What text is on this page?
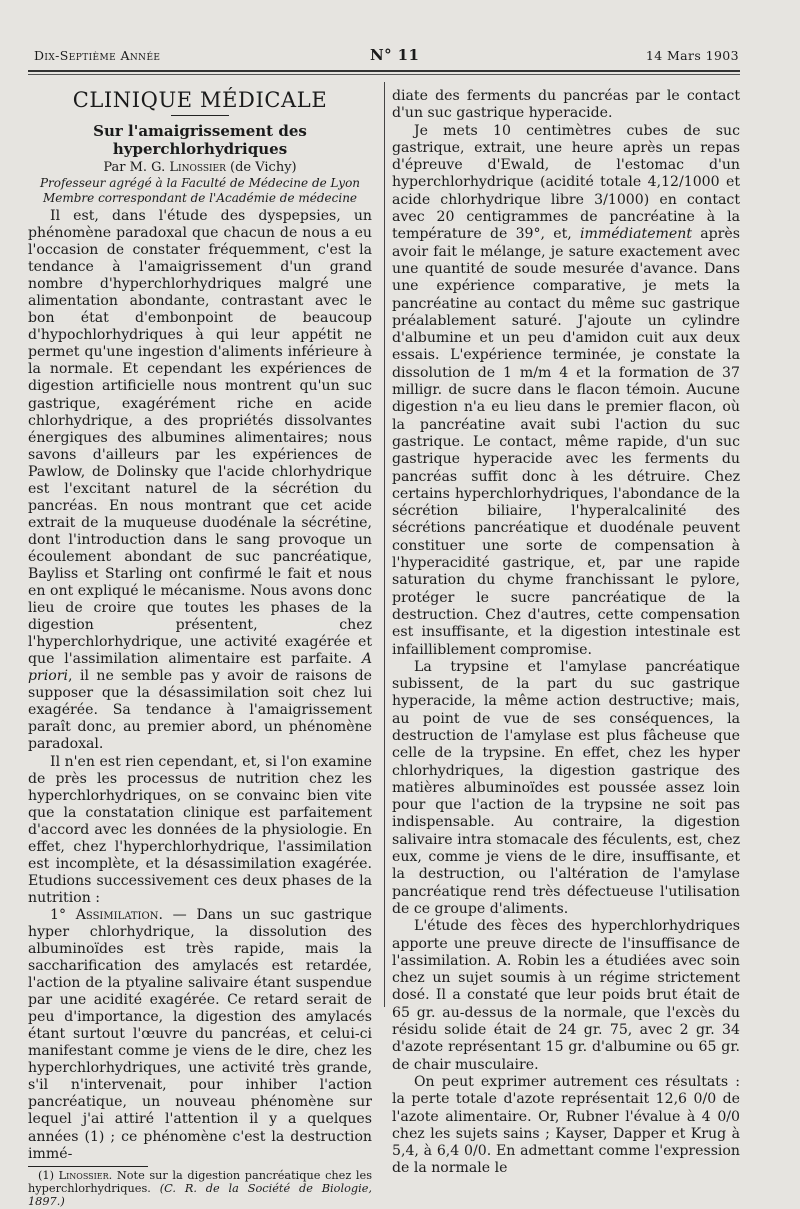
Dix-Septième Année	N° 11	14 Mars 1903
CLINIQUE MÉDICALE
Sur l'amaigrissement des hyperchlorhydriques
Par M. G. Linossier (de Vichy)
Professeur agrégé à la Faculté de Médecine de Lyon
Membre correspondant de l'Académie de médecine

Il est, dans l'étude des dyspepsies, un phénomène paradoxal que chacun de nous a eu l'occasion de constater fréquemment, c'est la tendance à l'amaigrissement d'un grand nombre d'hyperchlorhydriques malgré une alimentation abondante, contrastant avec le bon état d'embonpoint de beaucoup d'hypochlorhydriques à qui leur appétit ne permet qu'une ingestion d'aliments inférieure à la normale. Et cependant les expériences de digestion artificielle nous montrent qu'un suc gastrique, exagérément riche en acide chlorhydrique, a des propriétés dissolvantes énergiques des albumines alimentaires; nous savons d'ailleurs par les expériences de Pawlow, de Dolinsky que l'acide chlorhydrique est l'excitant naturel de la sécrétion du pancréas. En nous montrant que cet acide extrait de la muqueuse duodénale la sécrétine, dont l'introduction dans le sang provoque un écoulement abondant de suc pancréatique, Bayliss et Starling ont confirmé le fait et nous en ont expliqué le mécanisme. Nous avons donc lieu de croire que toutes les phases de la digestion présentent, chez l'hyperchlorhydrique, une activité exagérée et que l'assimilation alimentaire est parfaite. A priori, il ne semble pas y avoir de raisons de supposer que la désassimilation soit chez lui exagérée. Sa tendance à l'amaigrissement paraît donc, au premier abord, un phénomène paradoxal.

Il n'en est rien cependant, et, si l'on examine de près les processus de nutrition chez les hyperchlorhydriques, on se convainc bien vite que la constatation clinique est parfaitement d'accord avec les données de la physiologie. En effet, chez l'hyperchlorhydrique, l'assimilation est incomplète, et la désassimilation exagérée. Etudions successivement ces deux phases de la nutrition :

1° Assimilation. — Dans un suc gastrique hyper chlorhydrique, la dissolution des albuminoïdes est très rapide, mais la saccharification des amylacés est retardée, l'action de la ptyaline salivaire étant suspendue par une acidité exagérée. Ce retard serait de peu d'importance, la digestion des amylacés étant surtout l'œuvre du pancréas, et celui-ci manifestant comme je viens de le dire, chez les hyperchlorhydriques, une activité très grande, s'il n'intervenait, pour inhiber l'action pancréatique, un nouveau phénomène sur lequel j'ai attiré l'attention il y a quelques années (1) ; ce phénomène c'est la destruction immé-

(1) Linossier. Note sur la digestion pancréatique chez les hyperchlorhydriques. (C. R. de la Société de Biologie, 1897.)

diate des ferments du pancréas par le contact d'un suc gastrique hyperacide.

Je mets 10 centimètres cubes de suc gastrique, extrait, une heure après un repas d'épreuve d'Ewald, de l'estomac d'un hyperchlorhydrique (acidité totale 4,12/1000 et acide chlorhydrique libre 3/1000) en contact avec 20 centigrammes de pancréatine à la température de 39°, et, immédiatement après avoir fait le mélange, je sature exactement avec une quantité de soude mesurée d'avance. Dans une expérience comparative, je mets la pancréatine au contact du même suc gastrique préalablement saturé. J'ajoute un cylindre d'albumine et un peu d'amidon cuit aux deux essais. L'expérience terminée, je constate la dissolution de 1 m/m 4 et la formation de 37 milligr. de sucre dans le flacon témoin. Aucune digestion n'a eu lieu dans le premier flacon, où la pancréatine avait subi l'action du suc gastrique. Le contact, même rapide, d'un suc gastrique hyperacide avec les ferments du pancréas suffit donc à les détruire. Chez certains hyperchlorhydriques, l'abondance de la sécrétion biliaire, l'hyperalcalinité des sécrétions pancréatique et duodénale peuvent constituer une sorte de compensation à l'hyperacidité gastrique, et, par une rapide saturation du chyme franchissant le pylore, protéger le sucre pancréatique de la destruction. Chez d'autres, cette compensation est insuffisante, et la digestion intestinale est infailliblement compromise.

La trypsine et l'amylase pancréatique subissent, de la part du suc gastrique hyperacide, la même action destructive; mais, au point de vue de ses conséquences, la destruction de l'amylase est plus fâcheuse que celle de la trypsine. En effet, chez les hyper chlorhydriques, la digestion gastrique des matières albuminoïdes est poussée assez loin pour que l'action de la trypsine ne soit pas indispensable. Au contraire, la digestion salivaire intra stomacale des féculents, est, chez eux, comme je viens de le dire, insuffisante, et la destruction, ou l'altération de l'amylase pancréatique rend très défectueuse l'utilisation de ce groupe d'aliments.

L'étude des fèces des hyperchlorhydriques apporte une preuve directe de l'insuffisance de l'assimilation. A. Robin les a étudiées avec soin chez un sujet soumis à un régime strictement dosé. Il a constaté que leur poids brut était de 65 gr. au-dessus de la normale, que l'excès du résidu solide était de 24 gr. 75, avec 2 gr. 34 d'azote représentant 15 gr. d'albumine ou 65 gr. de chair musculaire.

On peut exprimer autrement ces résultats : la perte totale d'azote représentait 12,6 0/0 de l'azote alimentaire. Or, Rubner l'évalue à 4 0/0 chez les sujets sains ; Kayser, Dapper et Krug à 5,4, à 6,4 0/0. En admettant comme l'expression de la normale le
